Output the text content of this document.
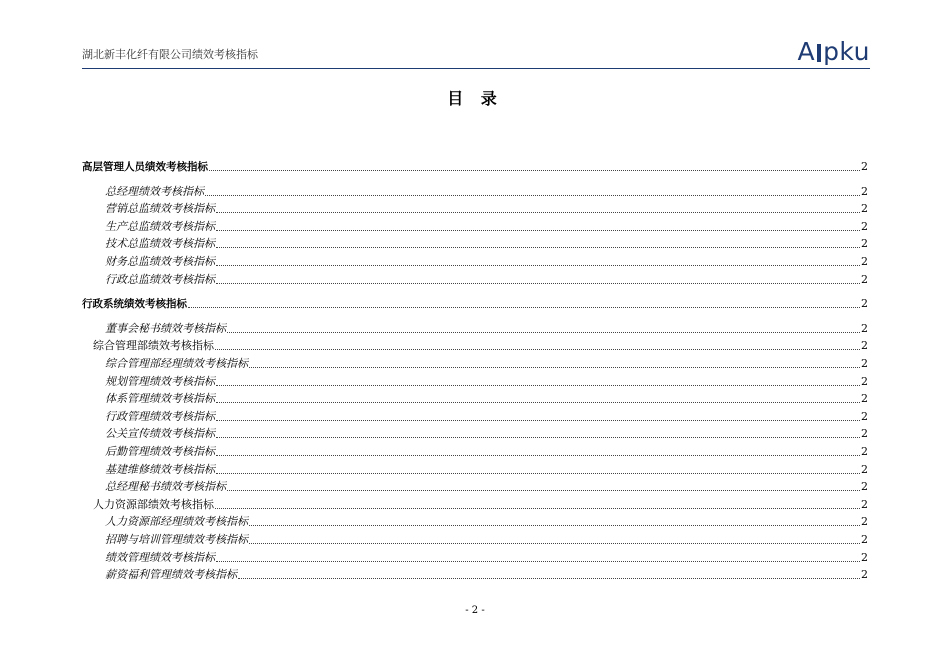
湖北新丰化纤有限公司绩效考核指标	A pku
目 录
高层管理人员绩效考核指标	2
总经理绩效考核指标	2
营销总监绩效考核指标	2
生产总监绩效考核指标	2
技术总监绩效考核指标	2
财务总监绩效考核指标	2
行政总监绩效考核指标	2
行政系统绩效考核指标	2
董事会秘书绩效考核指标	2
综合管理部绩效考核指标	2
综合管理部经理绩效考核指标	2
规划管理绩效考核指标	2
体系管理绩效考核指标	2
行政管理绩效考核指标	2
公关宣传绩效考核指标	2
后勤管理绩效考核指标	2
基建维修绩效考核指标	2
总经理秘书绩效考核指标	2
人力资源部绩效考核指标	2
人力资源部经理绩效考核指标	2
招聘与培训管理绩效考核指标	2
绩效管理绩效考核指标	2
薪资福利管理绩效考核指标	2
- 2 -
